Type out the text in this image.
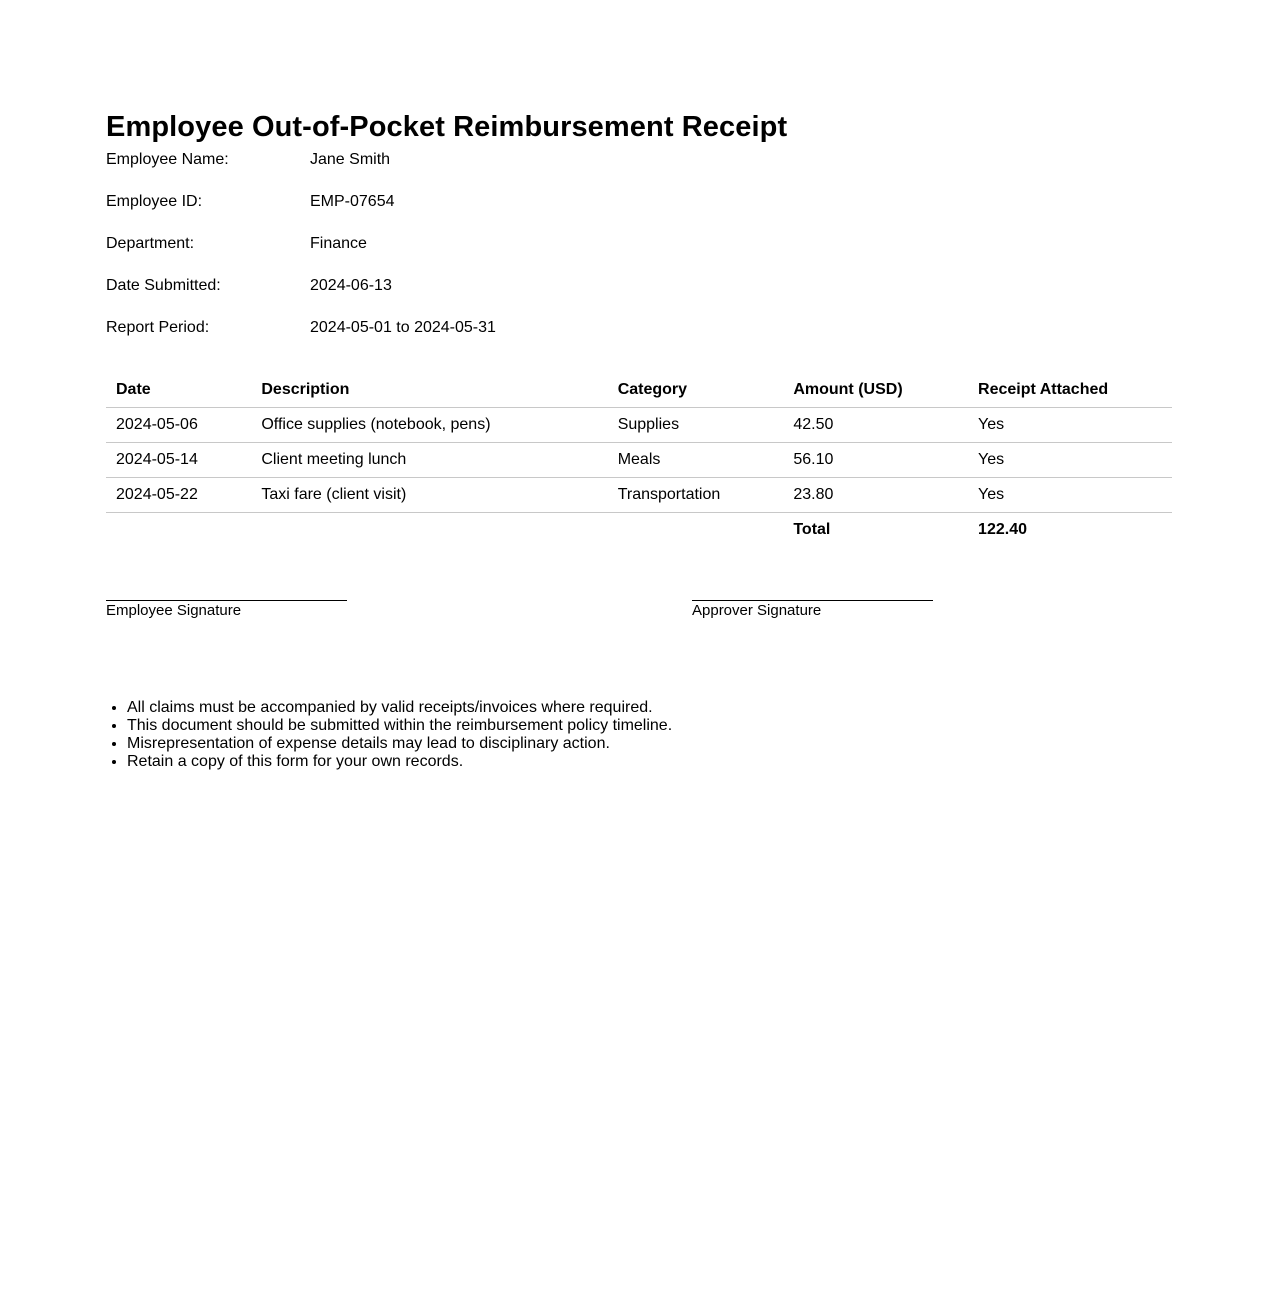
Employee Out-of-Pocket Reimbursement Receipt
Employee Name:	Jane Smith
Employee ID:	EMP-07654
Department:	Finance
Date Submitted:	2024-06-13
Report Period:	2024-05-01 to 2024-05-31
Date	Description	Category	Amount (USD)	Receipt Attached
2024-05-06	Office supplies (notebook, pens)	Supplies	42.50	Yes
2024-05-14	Client meeting lunch	Meals	56.10	Yes
2024-05-22	Taxi fare (client visit)	Transportation	23.80	Yes
			Total	122.40
Employee Signature	Approver Signature
• All claims must be accompanied by valid receipts/invoices where required.
• This document should be submitted within the reimbursement policy timeline.
• Misrepresentation of expense details may lead to disciplinary action.
• Retain a copy of this form for your own records.
